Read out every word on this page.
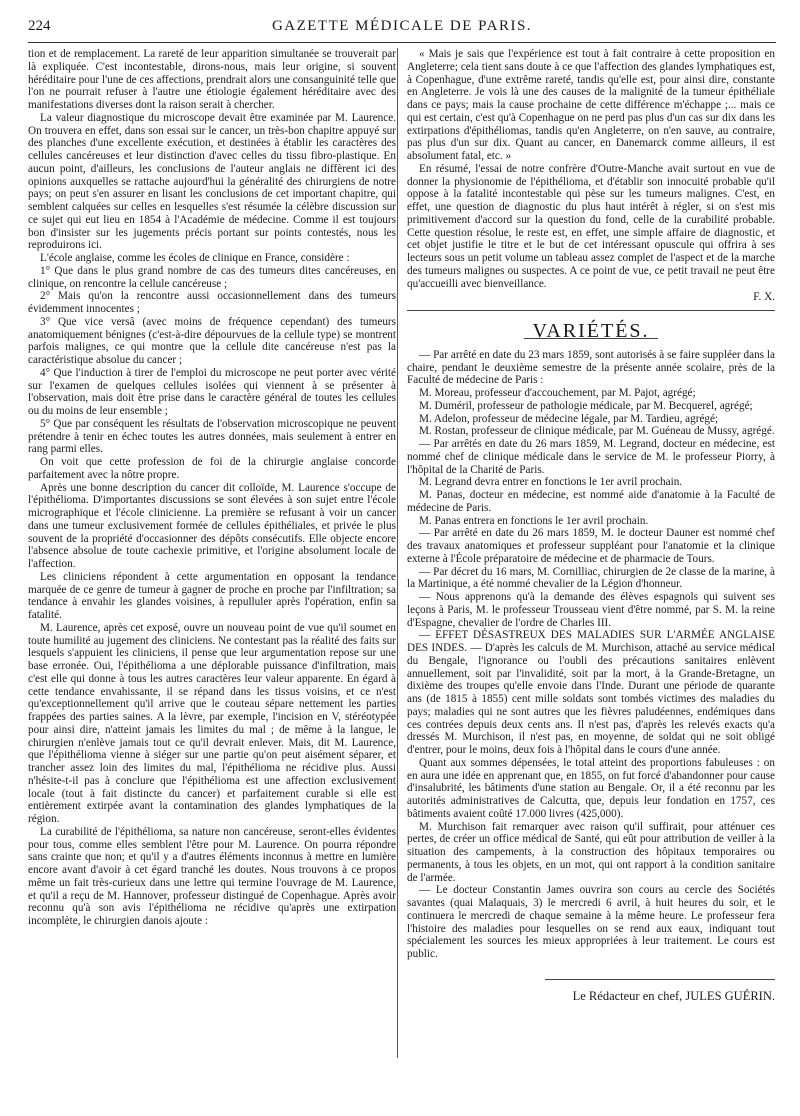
224	GAZETTE MÉDICALE DE PARIS.

tion et de remplacement. La rareté de leur apparition simultanée se trouverait par là expliquée. C'est incontestable, dirons-nous, mais leur origine, si souvent héréditaire pour l'une de ces affections, prendrait alors une consanguinité telle que l'on ne pourrait refuser à l'autre une étiologie également héréditaire avec des manifestations diverses dont la raison serait à chercher.

La valeur diagnostique du microscope devait être examinée par M. Laurence. On trouvera en effet, dans son essai sur le cancer, un très-bon chapitre appuyé sur des planches d'une excellente exécution, et destinées à établir les caractères des cellules cancéreuses et leur distinction d'avec celles du tissu fibro-plastique. En aucun point, d'ailleurs, les conclusions de l'auteur anglais ne diffèrent ici des opinions auxquelles se rattache aujourd'hui la généralité des chirurgiens de notre pays; on peut s'en assurer en lisant les conclusions de cet important chapitre, qui semblent calquées sur celles en lesquelles s'est résumée la célèbre discussion sur ce sujet qui eut lieu en 1854 à l'Académie de médecine. Comme il est toujours bon d'insister sur les jugements précis portant sur points contestés, nous les reproduirons ici.

L'école anglaise, comme les écoles de clinique en France, considère :

1° Que dans le plus grand nombre de cas des tumeurs dites cancéreuses, en clinique, on rencontre la cellule cancéreuse ;

2° Mais qu'on la rencontre aussi occasionnellement dans des tumeurs évidemment innocentes ;

3° Que vice versâ (avec moins de fréquence cependant) des tumeurs anatomiquement bénignes (c'est-à-dire dépourvues de la cellule type) se montrent parfois malignes, ce qui montre que la cellule dite cancéreuse n'est pas la caractéristique absolue du cancer ;

4° Que l'induction à tirer de l'emploi du microscope ne peut porter avec vérité sur l'examen de quelques cellules isolées qui viennent à se présenter à l'observation, mais doit être prise dans le caractère général de toutes les cellules ou du moins de leur ensemble ;

5° Que par conséquent les résultats de l'observation microscopique ne peuvent prétendre à tenir en échec toutes les autres données, mais seulement à entrer en rang parmi elles.

On voit que cette profession de foi de la chirurgie anglaise concorde parfaitement avec la nôtre propre.

Après une bonne description du cancer dit colloïde, M. Laurence s'occupe de l'épithélioma. D'importantes discussions se sont élevées à son sujet entre l'école micrographique et l'école clinicienne. La première se refusant à voir un cancer dans une tumeur exclusivement formée de cellules épithéliales, et privée le plus souvent de la propriété d'occasionner des dépôts consécutifs. Elle objecte encore l'absence absolue de toute cachexie primitive, et l'origine absolument locale de l'affection.

Les cliniciens répondent à cette argumentation en opposant la tendance marquée de ce genre de tumeur à gagner de proche en proche par l'infiltration; sa tendance à envahir les glandes voisines, à repulluler après l'opération, enfin sa fatalité.

M. Laurence, après cet exposé, ouvre un nouveau point de vue qu'il soumet en toute humilité au jugement des cliniciens. Ne contestant pas la réalité des faits sur lesquels s'appuient les cliniciens, il pense que leur argumentation repose sur une base erronée. Oui, l'épithélioma a une déplorable puissance d'infiltration, mais c'est elle qui donne à tous les autres caractères leur valeur apparente. En égard à cette tendance envahissante, il se répand dans les tissus voisins, et ce n'est qu'exceptionnellement qu'il arrive que le couteau sépare nettement les parties frappées des parties saines. A la lèvre, par exemple, l'incision en V, stéréotypée pour ainsi dire, n'atteint jamais les limites du mal ; de même à la langue, le chirurgien n'enlève jamais tout ce qu'il devrait enlever. Mais, dit M. Laurence, que l'épithélioma vienne à siéger sur une partie qu'on peut aisément séparer, et trancher assez loin des limites du mal, l'épithélioma ne récidive plus. Aussi n'hésite-t-il pas à conclure que l'épithélioma est une affection exclusivement locale (tout à fait distincte du cancer) et parfaitement curable si elle est entièrement extirpée avant la contamination des glandes lymphatiques de la région.

La curabilité de l'épithélioma, sa nature non cancéreuse, seront-elles évidentes pour tous, comme elles semblent l'être pour M. Laurence. On pourra répondre sans crainte que non; et qu'il y a d'autres éléments inconnus à mettre en lumière encore avant d'avoir à cet égard tranché les doutes. Nous trouvons à ce propos même un fait très-curieux dans une lettre qui termine l'ouvrage de M. Laurence, et qu'il a reçu de M. Hannover, professeur distingué de Copenhague. Après avoir reconnu qu'à son avis l'épithélioma ne récidive qu'après une extirpation incomplète, le chirurgien danois ajoute :

« Mais je sais que l'expérience est tout à fait contraire à cette proposition en Angleterre; cela tient sans doute à ce que l'affection des glandes lymphatiques est, à Copenhague, d'une extrême rareté, tandis qu'elle est, pour ainsi dire, constante en Angleterre. Je vois là une des causes de la malignité de la tumeur épithéliale dans ce pays; mais la cause prochaine de cette différence m'échappe ;... mais ce qui est certain, c'est qu'à Copenhague on ne perd pas plus d'un cas sur dix dans les extirpations d'épithéliomas, tandis qu'en Angleterre, on n'en sauve, au contraire, pas plus d'un sur dix. Quant au cancer, en Danemarck comme ailleurs, il est absolument fatal, etc. »

En résumé, l'essai de notre confrère d'Outre-Manche avait surtout en vue de donner la physionomie de l'épithélioma, et d'établir son innocuité probable qu'il oppose à la fatalité incontestable qui pèse sur les tumeurs malignes. C'est, en effet, une question de diagnostic du plus haut intérêt à régler, si on s'est mis primitivement d'accord sur la question du fond, celle de la curabilité probable. Cette question résolue, le reste est, en effet, une simple affaire de diagnostic, et cet objet justifie le titre et le but de cet intéressant opuscule qui offrira à ses lecteurs sous un petit volume un tableau assez complet de l'aspect et de la marche des tumeurs malignes ou suspectes. A ce point de vue, ce petit travail ne peut être qu'accueilli avec bienveillance.

F. X.
VARIÉTÉS.

— Par arrêté en date du 23 mars 1859, sont autorisés à se faire suppléer dans la chaire, pendant le deuxième semestre de la présente année scolaire, près de la Faculté de médecine de Paris :

M. Moreau, professeur d'accouchement, par M. Pajot, agrégé;

M. Duméril, professeur de pathologie médicale, par M. Becquerel, agrégé;

M. Adelon, professeur de médecine légale, par M. Tardieu, agrégé;

M. Rostan, professeur de clinique médicale, par M. Guéneau de Mussy, agrégé.

— Par arrêtés en date du 26 mars 1859, M. Legrand, docteur en médecine, est nommé chef de clinique médicale dans le service de M. le professeur Piorry, à l'hôpital de la Charité de Paris.

M. Legrand devra entrer en fonctions le 1er avril prochain.

M. Panas, docteur en médecine, est nommé aide d'anatomie à la Faculté de médecine de Paris.

M. Panas entrera en fonctions le 1er avril prochain.

— Par arrêté en date du 26 mars 1859, M. le docteur Dauner est nommé chef des travaux anatomiques et professeur suppléant pour l'anatomie et la clinique externe à l'École préparatoire de médecine et de pharmacie de Tours.

— Par décret du 16 mars, M. Cornilliac, chirurgien de 2e classe de la marine, à la Martinique, a été nommé chevalier de la Légion d'honneur.

— Nous apprenons qu'à la demande des élèves espagnols qui suivent ses leçons à Paris, M. le professeur Trousseau vient d'être nommé, par S. M. la reine d'Espagne, chevalier de l'ordre de Charles III.

— EFFET DÉSASTREUX DES MALADIES SUR L'ARMÉE ANGLAISE DES INDES. — D'après les calculs de M. Murchison, attaché au service médical du Bengale, l'ignorance ou l'oubli des précautions sanitaires enlèvent annuellement, soit par l'invalidité, soit par la mort, à la Grande-Bretagne, un dixième des troupes qu'elle envoie dans l'Inde. Durant une période de quarante ans (de 1815 à 1855) cent mille soldats sont tombés victimes des maladies du pays; maladies qui ne sont autres que les fièvres paludéennes, endémiques dans ces contrées depuis deux cents ans. Il n'est pas, d'après les relevés exacts qu'a dressés M. Murchison, il n'est pas, en moyenne, de soldat qui ne soit obligé d'entrer, pour le moins, deux fois à l'hôpital dans le cours d'une année.

Quant aux sommes dépensées, le total atteint des proportions fabuleuses : on en aura une idée en apprenant que, en 1855, on fut forcé d'abandonner pour cause d'insalubrité, les bâtiments d'une station au Bengale. Or, il a été reconnu par les autorités administratives de Calcutta, que, depuis leur fondation en 1757, ces bâtiments avaient coûté 17.000 livres (425,000).

M. Murchison fait remarquer avec raison qu'il suffirait, pour atténuer ces pertes, de créer un office médical de Santé, qui eût pour attribution de veiller à la situation des campements, à la construction des hôpitaux temporaires ou permanents, à tous les objets, en un mot, qui ont rapport à la condition sanitaire de l'armée.

— Le docteur Constantin James ouvrira son cours au cercle des Sociétés savantes (quai Malaquais, 3) le mercredi 6 avril, à huit heures du soir, et le continuera le mercredi de chaque semaine à la même heure. Le professeur fera l'histoire des maladies pour lesquelles on se rend aux eaux, indiquant tout spécialement les sources les mieux appropriées à leur traitement. Le cours est public.

Le Rédacteur en chef, JULES GUÉRIN.
